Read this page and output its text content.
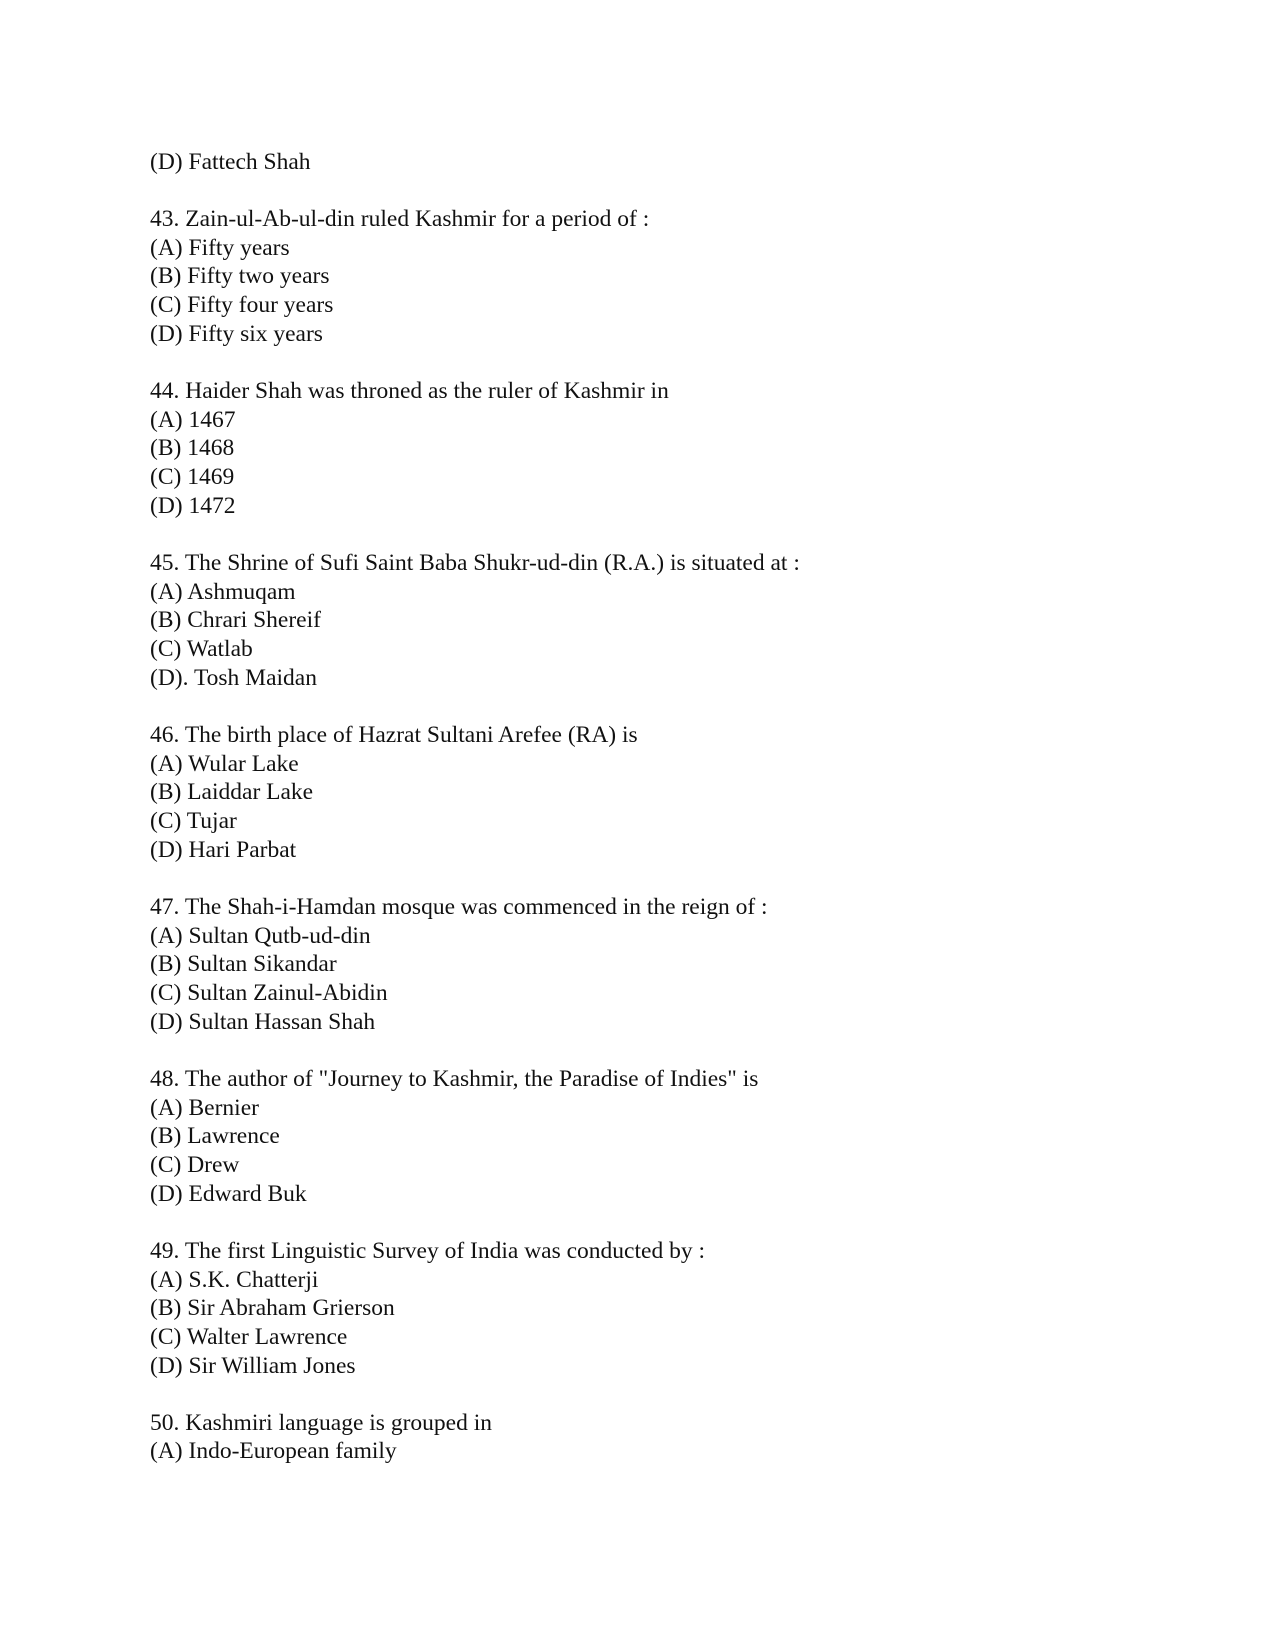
(D) Fattech Shah
43. Zain-ul-Ab-ul-din ruled Kashmir for a period of :
(A) Fifty years
(B) Fifty two years
(C) Fifty four years
(D) Fifty six years
44. Haider Shah was throned as the ruler of Kashmir in
(A) 1467
(B) 1468
(C) 1469
(D) 1472
45. The Shrine of Sufi Saint Baba Shukr-ud-din (R.A.) is situated at :
(A) Ashmuqam
(B) Chrari Shereif
(C) Watlab
(D). Tosh Maidan
46. The birth place of Hazrat Sultani Arefee (RA) is
(A) Wular Lake
(B) Laiddar Lake
(C) Tujar
(D) Hari Parbat
47. The Shah-i-Hamdan mosque was commenced in the reign of :
(A) Sultan Qutb-ud-din
(B) Sultan Sikandar
(C) Sultan Zainul-Abidin
(D) Sultan Hassan Shah
48. The author of "Journey to Kashmir, the Paradise of Indies" is
(A) Bernier
(B) Lawrence
(C) Drew
(D) Edward Buk
49. The first Linguistic Survey of India was conducted by :
(A) S.K. Chatterji
(B) Sir Abraham Grierson
(C) Walter Lawrence
(D) Sir William Jones
50. Kashmiri language is grouped in
(A) Indo-European family
